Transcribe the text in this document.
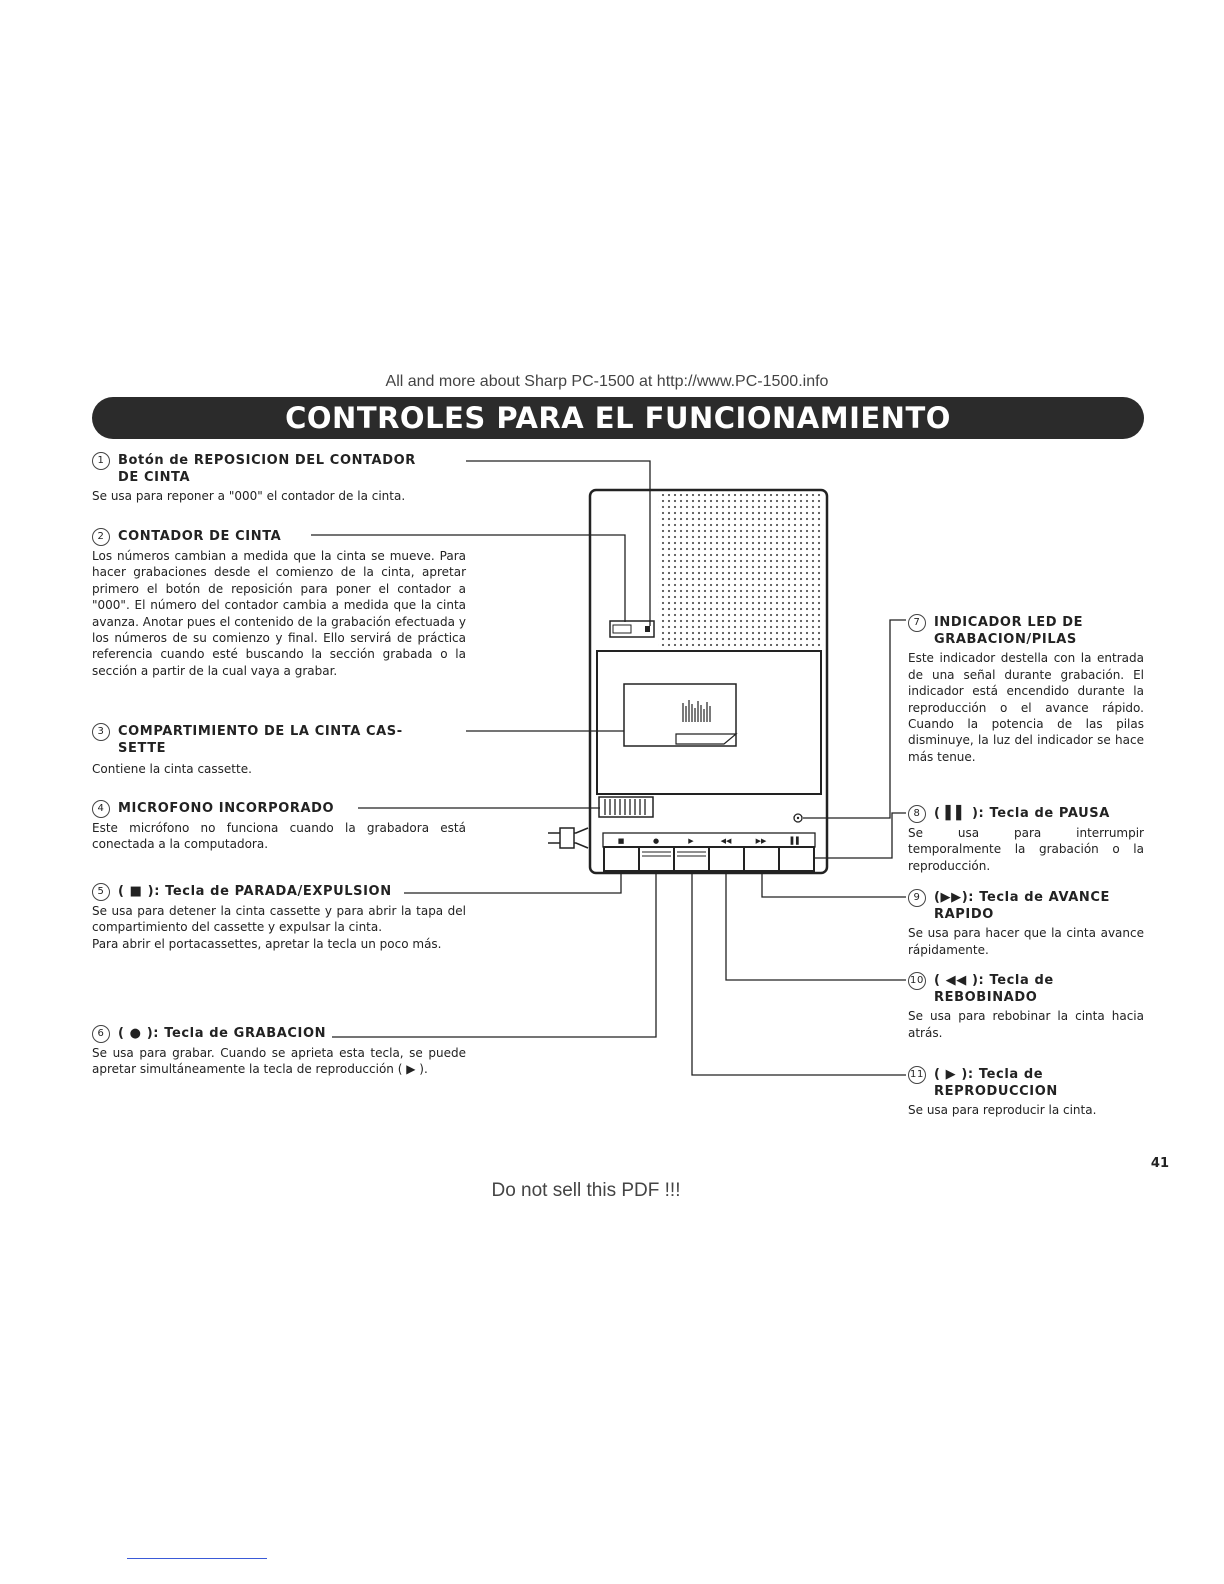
All and more about Sharp PC-1500 at http://www.PC-1500.info
CONTROLES PARA EL FUNCIONAMIENTO
1 Botón de REPOSICION DEL CONTADOR
DE CINTA
Se usa para reponer a "000" el contador de la cinta.
2 CONTADOR DE CINTA
Los números cambian a medida que la cinta se mueve. Para hacer grabaciones desde el comienzo de la cinta, apretar primero el botón de reposición para poner el contador a "000". El número del contador cambia a medida que la cinta avanza. Anotar pues el contenido de la grabación efectuada y los números de su comienzo y final. Ello servirá de práctica referencia cuando esté buscando la sección grabada o la sección a partir de la cual vaya a grabar.
3 COMPARTIMIENTO DE LA CINTA CAS-
SETTE
Contiene la cinta cassette.
4 MICROFONO INCORPORADO
Este micrófono no funciona cuando la grabadora está conectada a la computadora.
5 ( ■ ): Tecla de PARADA/EXPULSION
Se usa para detener la cinta cassette y para abrir la tapa del compartimiento del cassette y expulsar la cinta.
Para abrir el portacassettes, apretar la tecla un poco más.
6 ( ● ): Tecla de GRABACION
Se usa para grabar. Cuando se aprieta esta tecla, se puede apretar simultáneamente la tecla de reproducción ( ▶ ).
7 INDICADOR LED DE
GRABACION/PILAS
Este indicador destella con la entrada de una señal durante grabación. El indicador está encendido durante la reproducción o el avance rápido. Cuando la potencia de las pilas disminuye, la luz del indicador se hace más tenue.
8 ( ▌▌ ): Tecla de PAUSA
Se usa para interrumpir temporalmente la grabación o la reproducción.
9 (▶▶): Tecla de AVANCE
RAPIDO
Se usa para hacer que la cinta avance rápidamente.
10 ( ◀◀ ): Tecla de
REBOBINADO
Se usa para rebobinar la cinta hacia atrás.
11 ( ▶ ): Tecla de
REPRODUCCION
Se usa para reproducir la cinta.
■	●	▶	◀◀	▶▶	▌▌
41
Do not sell this PDF !!!
